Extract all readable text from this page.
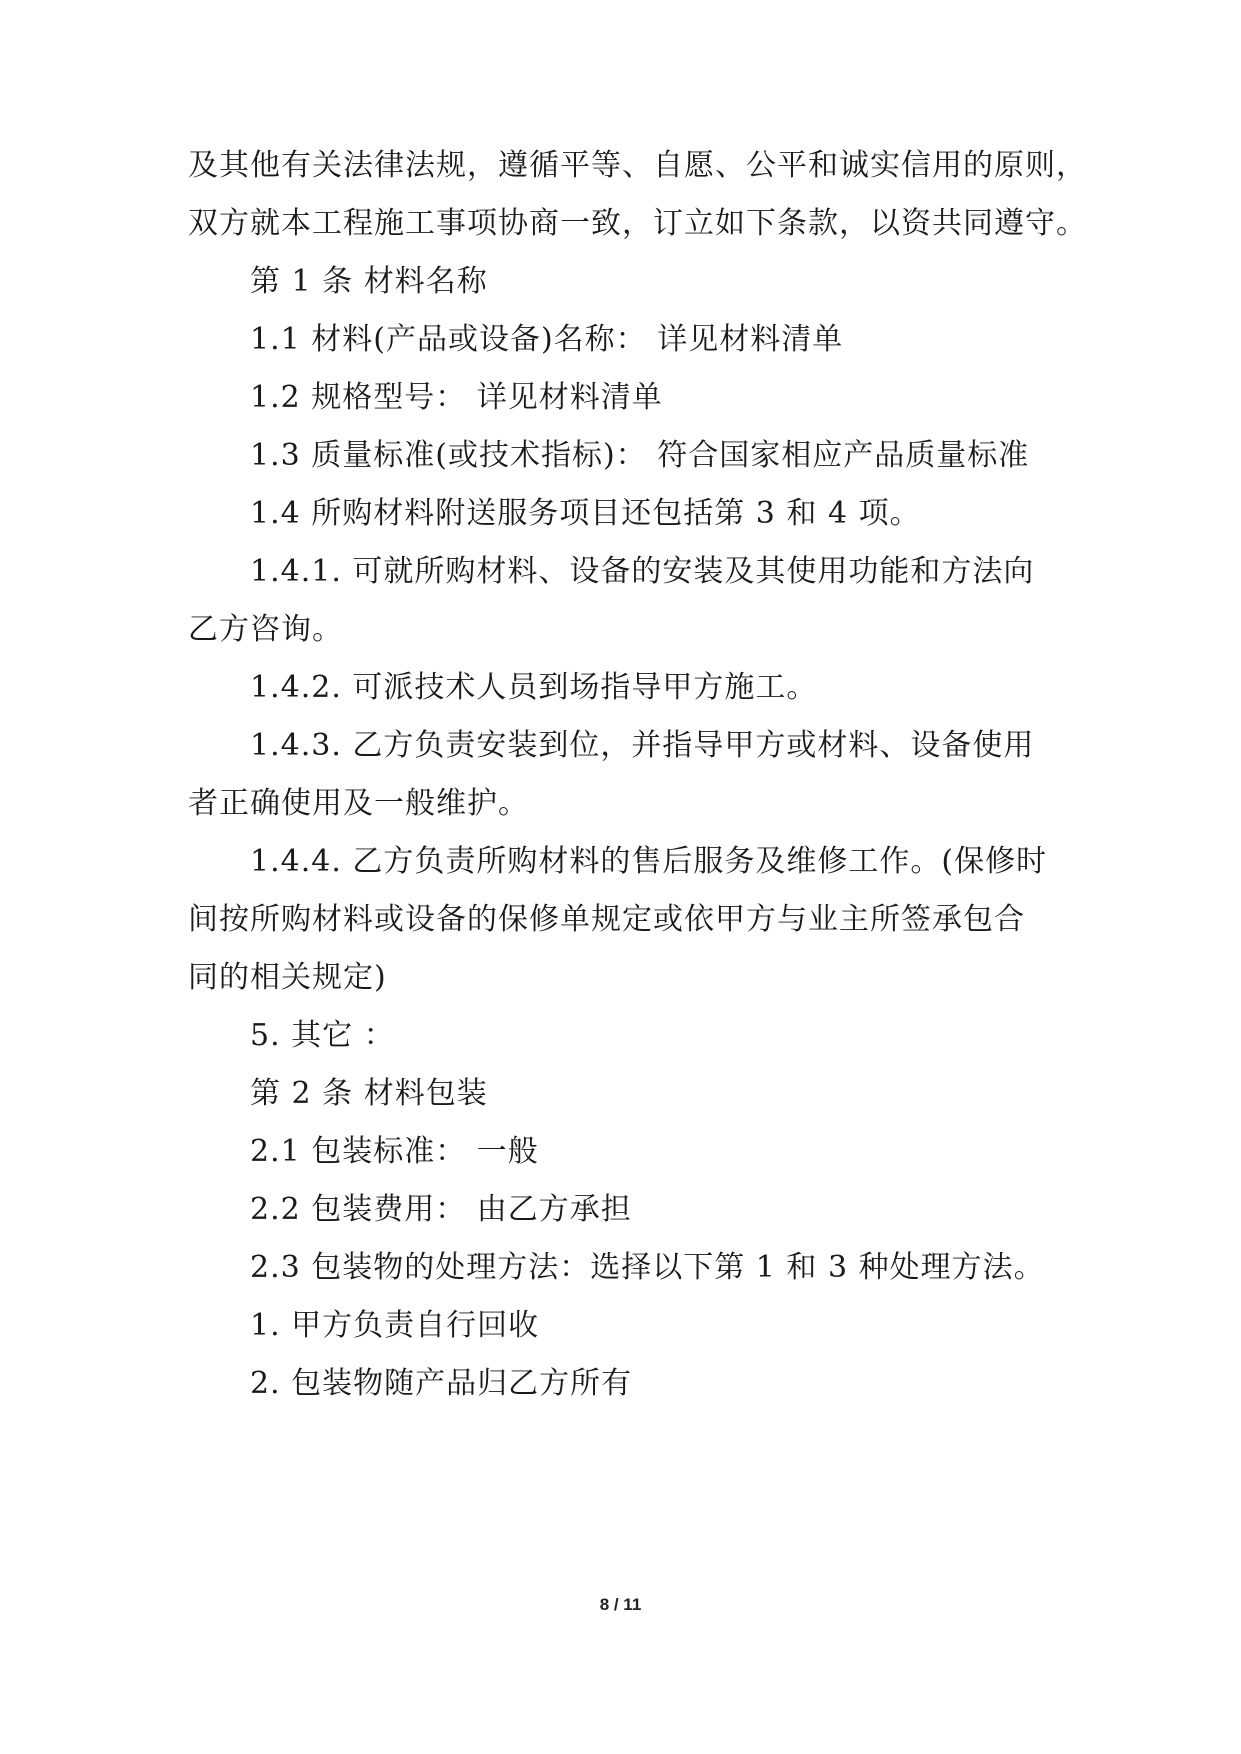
及其他有关法律法规，遵循平等、自愿、公平和诚实信用的原则，
双方就本工程施工事项协商一致，订立如下条款，以资共同遵守。
第 1 条 材料名称
1.1 材料(产品或设备)名称： 详见材料清单
1.2 规格型号： 详见材料清单
1.3 质量标准(或技术指标)： 符合国家相应产品质量标准
1.4 所购材料附送服务项目还包括第 3 和 4 项。
1.4.1. 可就所购材料、设备的安装及其使用功能和方法向
乙方咨询。
1.4.2. 可派技术人员到场指导甲方施工。
1.4.3. 乙方负责安装到位，并指导甲方或材料、设备使用
者正确使用及一般维护。
1.4.4. 乙方负责所购材料的售后服务及维修工作。(保修时
间按所购材料或设备的保修单规定或依甲方与业主所签承包合
同的相关规定)
5. 其它 ：
第 2 条 材料包装
2.1 包装标准： 一般
2.2 包装费用： 由乙方承担
2.3 包装物的处理方法：选择以下第 1 和 3 种处理方法。
1. 甲方负责自行回收
2. 包装物随产品归乙方所有
8 / 11
